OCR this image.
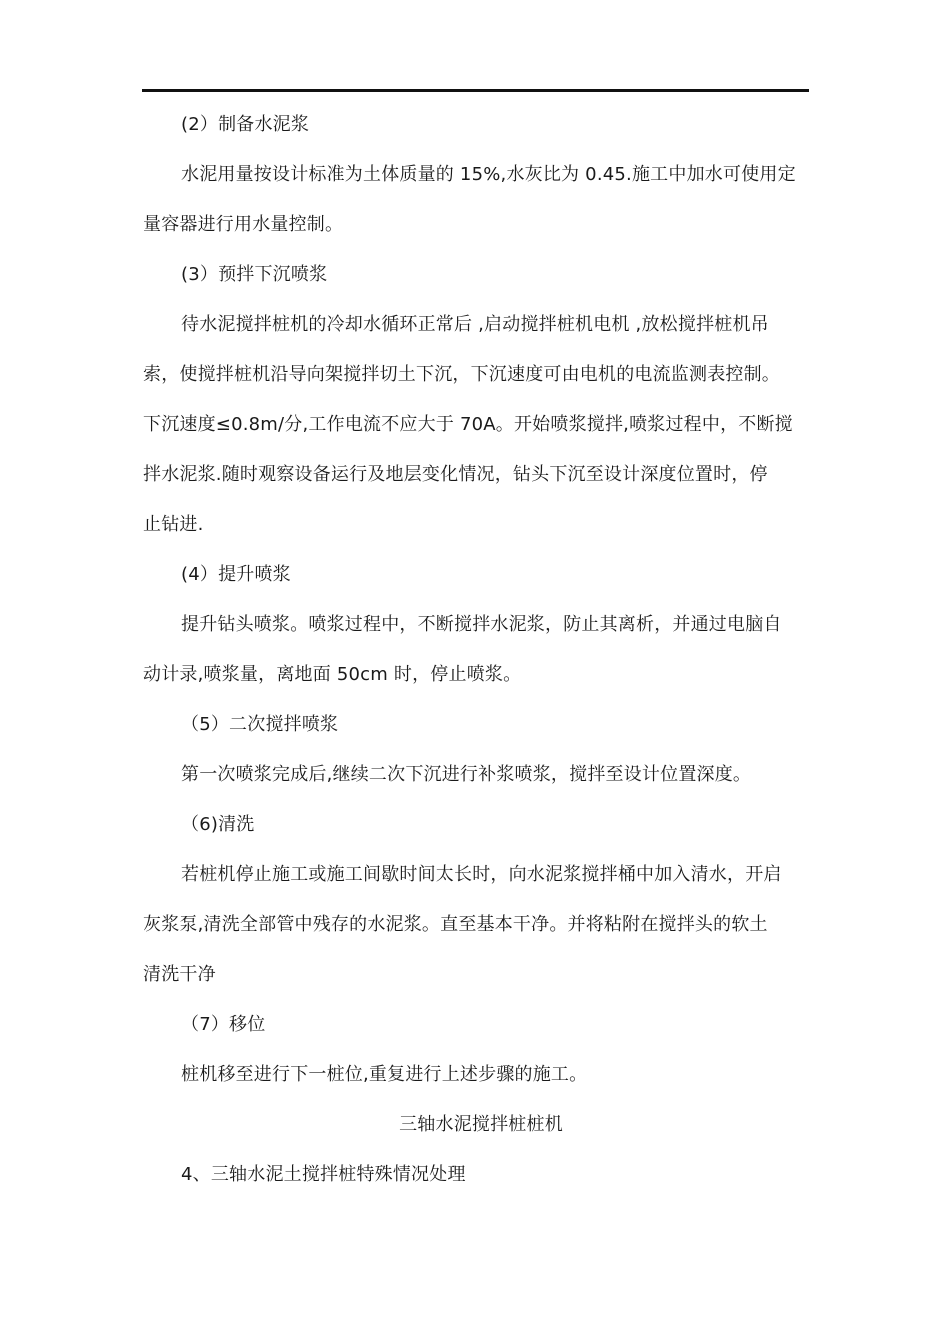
(2）制备水泥浆
水泥用量按设计标准为土体质量的 15%,水灰比为 0.45.施工中加水可使用定
量容器进行用水量控制。
(3）预拌下沉喷浆
待水泥搅拌桩机的冷却水循环正常后 ,启动搅拌桩机电机 ,放松搅拌桩机吊
索，使搅拌桩机沿导向架搅拌切土下沉，下沉速度可由电机的电流监测表控制。
下沉速度≤0.8m/分,工作电流不应大于 70A。开始喷浆搅拌,喷浆过程中，不断搅
拌水泥浆.随时观察设备运行及地层变化情况，钻头下沉至设计深度位置时，停
止钻进.
(4）提升喷浆
提升钻头喷浆。喷浆过程中，不断搅拌水泥浆，防止其离析，并通过电脑自
动计录,喷浆量，离地面 50cm 时，停止喷浆。
（5）二次搅拌喷浆
第一次喷浆完成后,继续二次下沉进行补浆喷浆，搅拌至设计位置深度。
（6)清洗
若桩机停止施工或施工间歇时间太长时，向水泥浆搅拌桶中加入清水，开启
灰浆泵,清洗全部管中残存的水泥浆。直至基本干净。并将粘附在搅拌头的软土
清洗干净
（7）移位
桩机移至进行下一桩位,重复进行上述步骤的施工。
三轴水泥搅拌桩桩机
4、三轴水泥土搅拌桩特殊情况处理
